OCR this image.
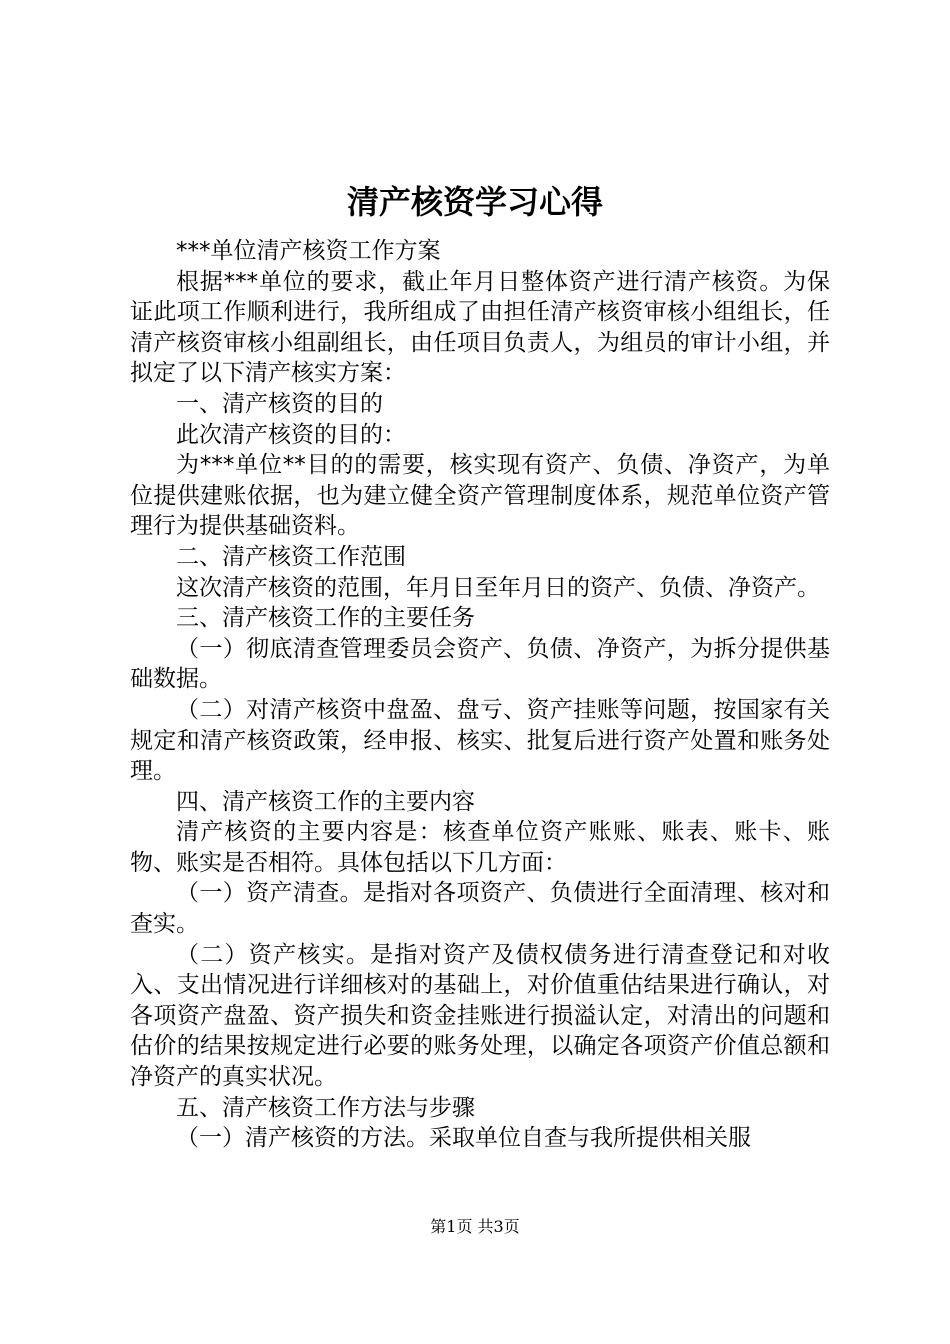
清产核资学习心得

***单位清产核资工作方案

根据***单位的要求，截止年月日整体资产进行清产核资。为保证此项工作顺利进行，我所组成了由担任清产核资审核小组组长，任清产核资审核小组副组长，由任项目负责人，为组员的审计小组，并拟定了以下清产核实方案：

一、清产核资的目的

此次清产核资的目的：

为***单位**目的的需要，核实现有资产、负债、净资产，为单位提供建账依据，也为建立健全资产管理制度体系，规范单位资产管理行为提供基础资料。

二、清产核资工作范围

这次清产核资的范围，年月日至年月日的资产、负债、净资产。

三、清产核资工作的主要任务

（一）彻底清查管理委员会资产、负债、净资产，为拆分提供基础数据。

（二）对清产核资中盘盈、盘亏、资产挂账等问题，按国家有关规定和清产核资政策，经申报、核实、批复后进行资产处置和账务处理。

四、清产核资工作的主要内容

清产核资的主要内容是：核查单位资产账账、账表、账卡、账物、账实是否相符。具体包括以下几方面：

（一）资产清查。是指对各项资产、负债进行全面清理、核对和查实。

（二）资产核实。是指对资产及债权债务进行清查登记和对收入、支出情况进行详细核对的基础上，对价值重估结果进行确认，对各项资产盘盈、资产损失和资金挂账进行损溢认定，对清出的问题和估价的结果按规定进行必要的账务处理，以确定各项资产价值总额和净资产的真实状况。

五、清产核资工作方法与步骤

（一）清产核资的方法。采取单位自查与我所提供相关服

第1页 共3页
